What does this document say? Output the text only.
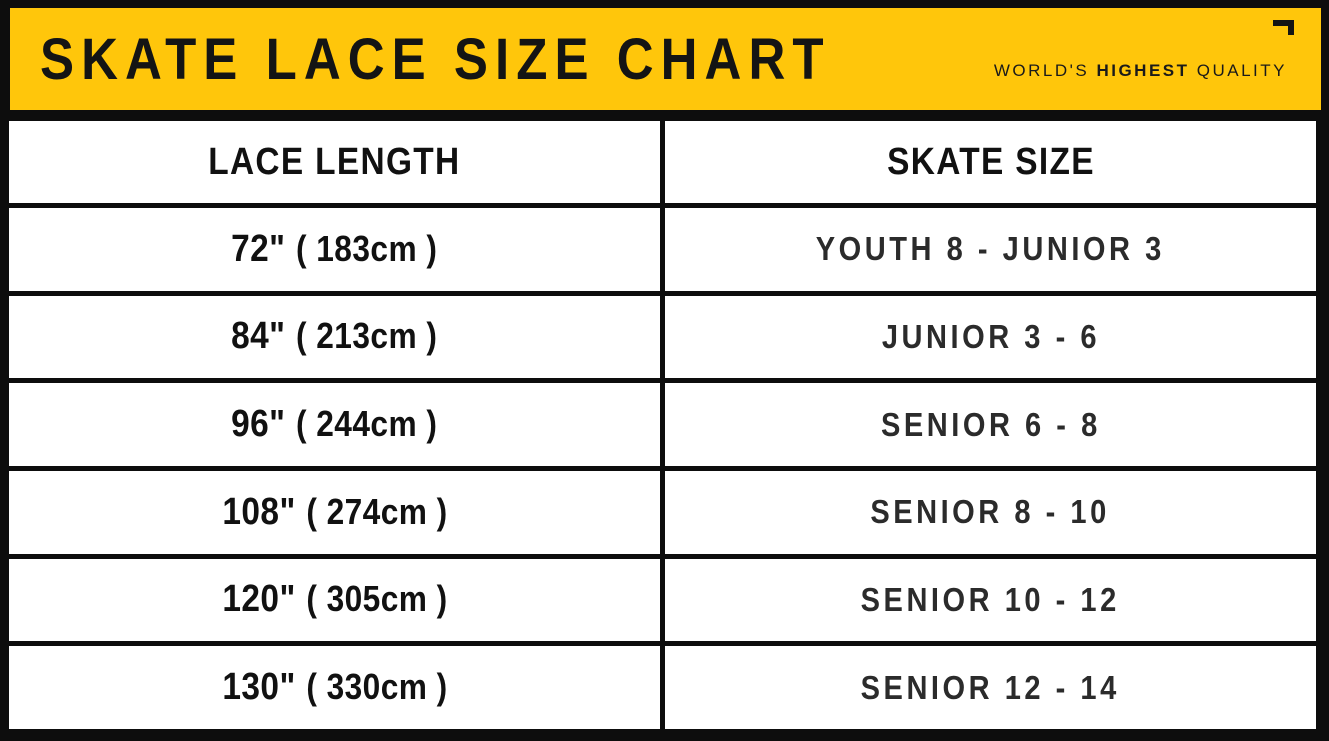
SKATE LACE SIZE CHART	WORLD'S HIGHEST QUALITY
LACE LENGTH	SKATE SIZE
72" ( 183cm )	YOUTH 8 - JUNIOR 3
84" ( 213cm )	JUNIOR 3 - 6
96" ( 244cm )	SENIOR 6 - 8
108" ( 274cm )	SENIOR 8 - 10
120" ( 305cm )	SENIOR 10 - 12
130" ( 330cm )	SENIOR 12 - 14
